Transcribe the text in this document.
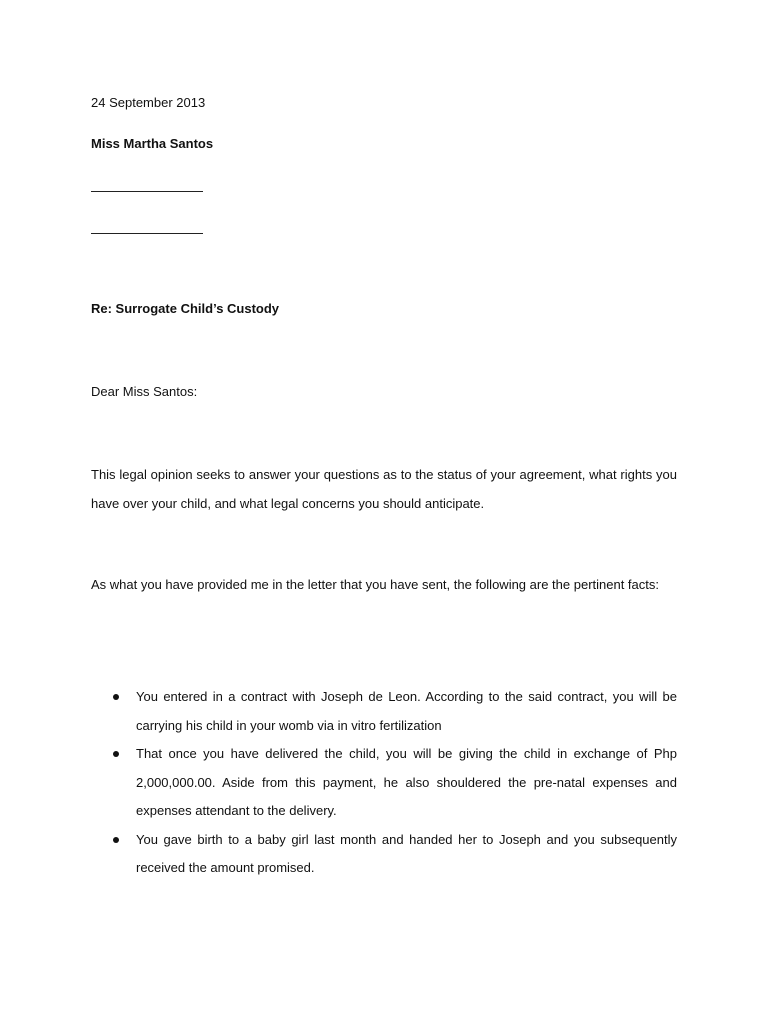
24 September 2013
Miss Martha Santos
Re: Surrogate Child’s Custody
Dear Miss Santos:

This legal opinion seeks to answer your questions as to the status of your agreement, what rights you have over your child, and what legal concerns you should anticipate.

As what you have provided me in the letter that you have sent, the following are the pertinent facts:

You entered in a contract with Joseph de Leon. According to the said contract, you will be carrying his child in your womb via in vitro fertilization
That once you have delivered the child, you will be giving the child in exchange of Php 2,000,000.00. Aside from this payment, he also shouldered the pre-natal expenses and expenses attendant to the delivery.
You gave birth to a baby girl last month and handed her to Joseph and you subsequently received the amount promised.
